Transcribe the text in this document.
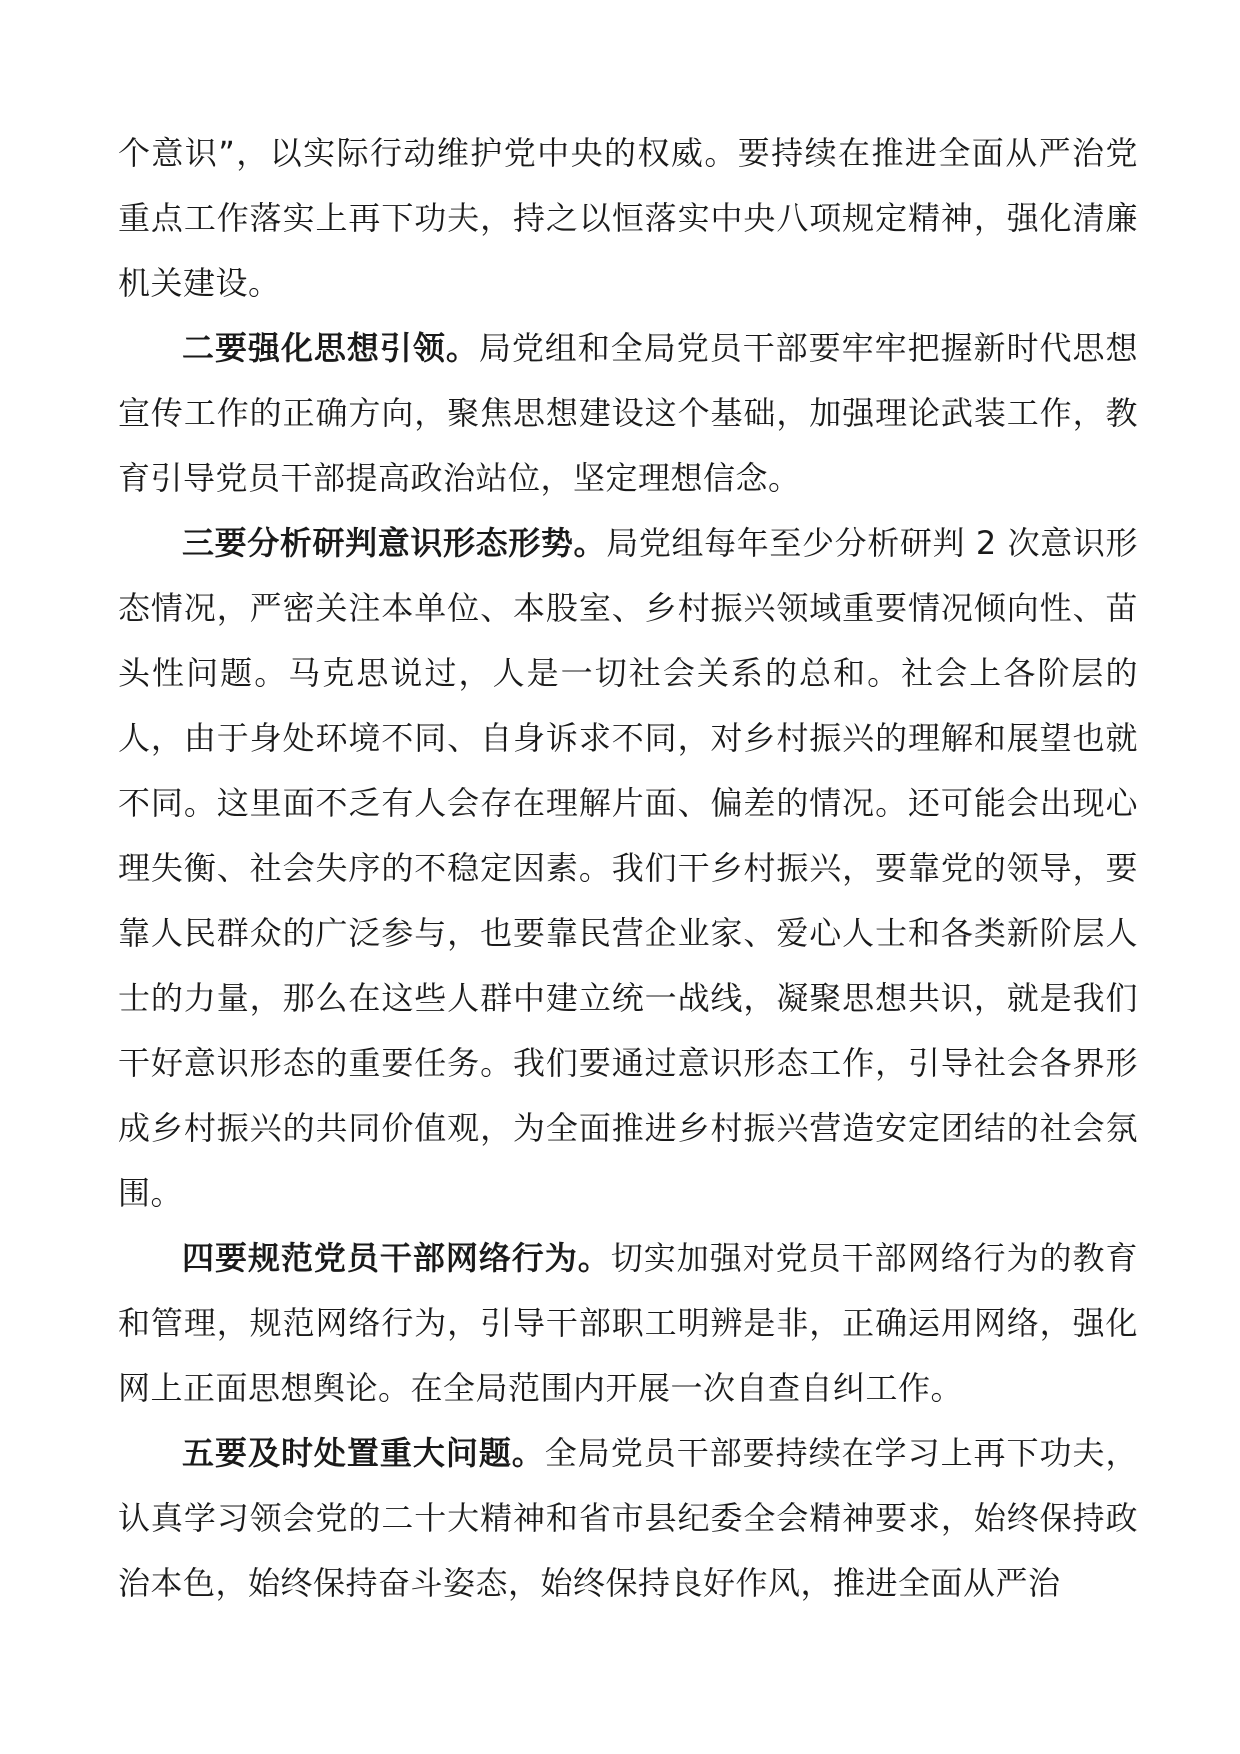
个意识”，以实际行动维护党中央的权威。要持续在推进全面从严治党重点工作落实上再下功夫，持之以恒落实中央八项规定精神，强化清廉机关建设。

二要强化思想引领。局党组和全局党员干部要牢牢把握新时代思想宣传工作的正确方向，聚焦思想建设这个基础，加强理论武装工作，教育引导党员干部提高政治站位，坚定理想信念。

三要分析研判意识形态形势。局党组每年至少分析研判 2 次意识形态情况，严密关注本单位、本股室、乡村振兴领域重要情况倾向性、苗头性问题。马克思说过，人是一切社会关系的总和。社会上各阶层的人，由于身处环境不同、自身诉求不同，对乡村振兴的理解和展望也就不同。这里面不乏有人会存在理解片面、偏差的情况。还可能会出现心理失衡、社会失序的不稳定因素。我们干乡村振兴，要靠党的领导，要靠人民群众的广泛参与，也要靠民营企业家、爱心人士和各类新阶层人士的力量，那么在这些人群中建立统一战线，凝聚思想共识，就是我们干好意识形态的重要任务。我们要通过意识形态工作，引导社会各界形成乡村振兴的共同价值观，为全面推进乡村振兴营造安定团结的社会氛围。

四要规范党员干部网络行为。切实加强对党员干部网络行为的教育和管理，规范网络行为，引导干部职工明辨是非，正确运用网络，强化网上正面思想舆论。在全局范围内开展一次自查自纠工作。

五要及时处置重大问题。全局党员干部要持续在学习上再下功夫，认真学习领会党的二十大精神和省市县纪委全会精神要求，始终保持政治本色，始终保持奋斗姿态，始终保持良好作风，推进全面从严治
